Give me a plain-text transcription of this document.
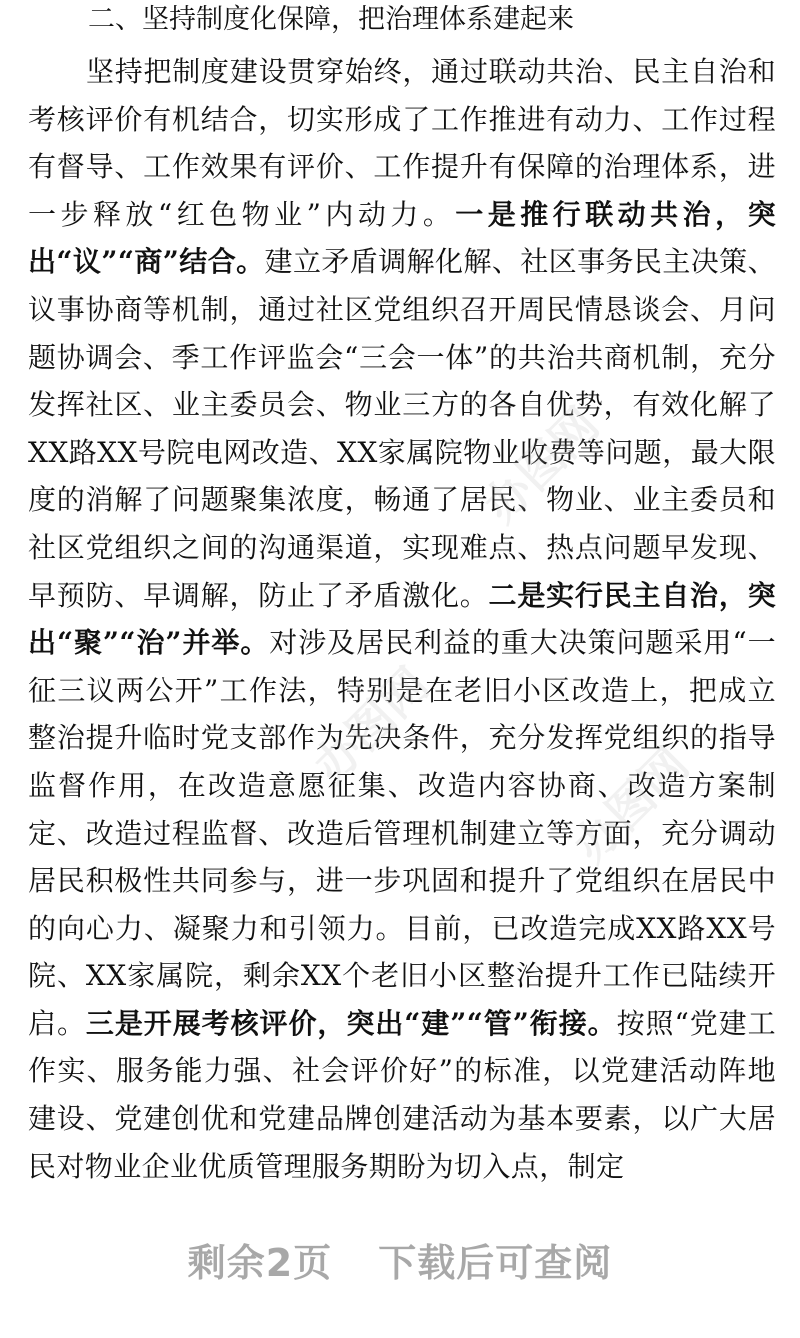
二、坚持制度化保障，把治理体系建起来

坚持把制度建设贯穿始终，通过联动共治、民主自治和考核评价有机结合，切实形成了工作推进有动力、工作过程有督导、工作效果有评价、工作提升有保障的治理体系，进一步释放“红色物业”内动力。一是推行联动共治，突出“议”“商”结合。建立矛盾调解化解、社区事务民主决策、议事协商等机制，通过社区党组织召开周民情恳谈会、月问题协调会、季工作评监会“三会一体”的共治共商机制，充分发挥社区、业主委员会、物业三方的各自优势，有效化解了XX路XX号院电网改造、XX家属院物业收费等问题，最大限度的消解了问题聚集浓度，畅通了居民、物业、业主委员和社区党组织之间的沟通渠道，实现难点、热点问题早发现、早预防、早调解，防止了矛盾激化。二是实行民主自治，突出“聚”“治”并举。对涉及居民利益的重大决策问题采用“一征三议两公开”工作法，特别是在老旧小区改造上，把成立整治提升临时党支部作为先决条件，充分发挥党组织的指导监督作用，在改造意愿征集、改造内容协商、改造方案制定、改造过程监督、改造后管理机制建立等方面，充分调动居民积极性共同参与，进一步巩固和提升了党组织在居民中的向心力、凝聚力和引领力。目前，已改造完成XX路XX号院、XX家属院，剩余XX个老旧小区整治提升工作已陆续开启。三是开展考核评价，突出“建”“管”衔接。按照“党建工作实、服务能力强、社会评价好”的标准，以党建活动阵地建设、党建创优和党建品牌创建活动为基本要素，以广大居民对物业企业优质管理服务期盼为切入点，制定

办图网
办图网
办图网
剩余2页 下载后可查阅
